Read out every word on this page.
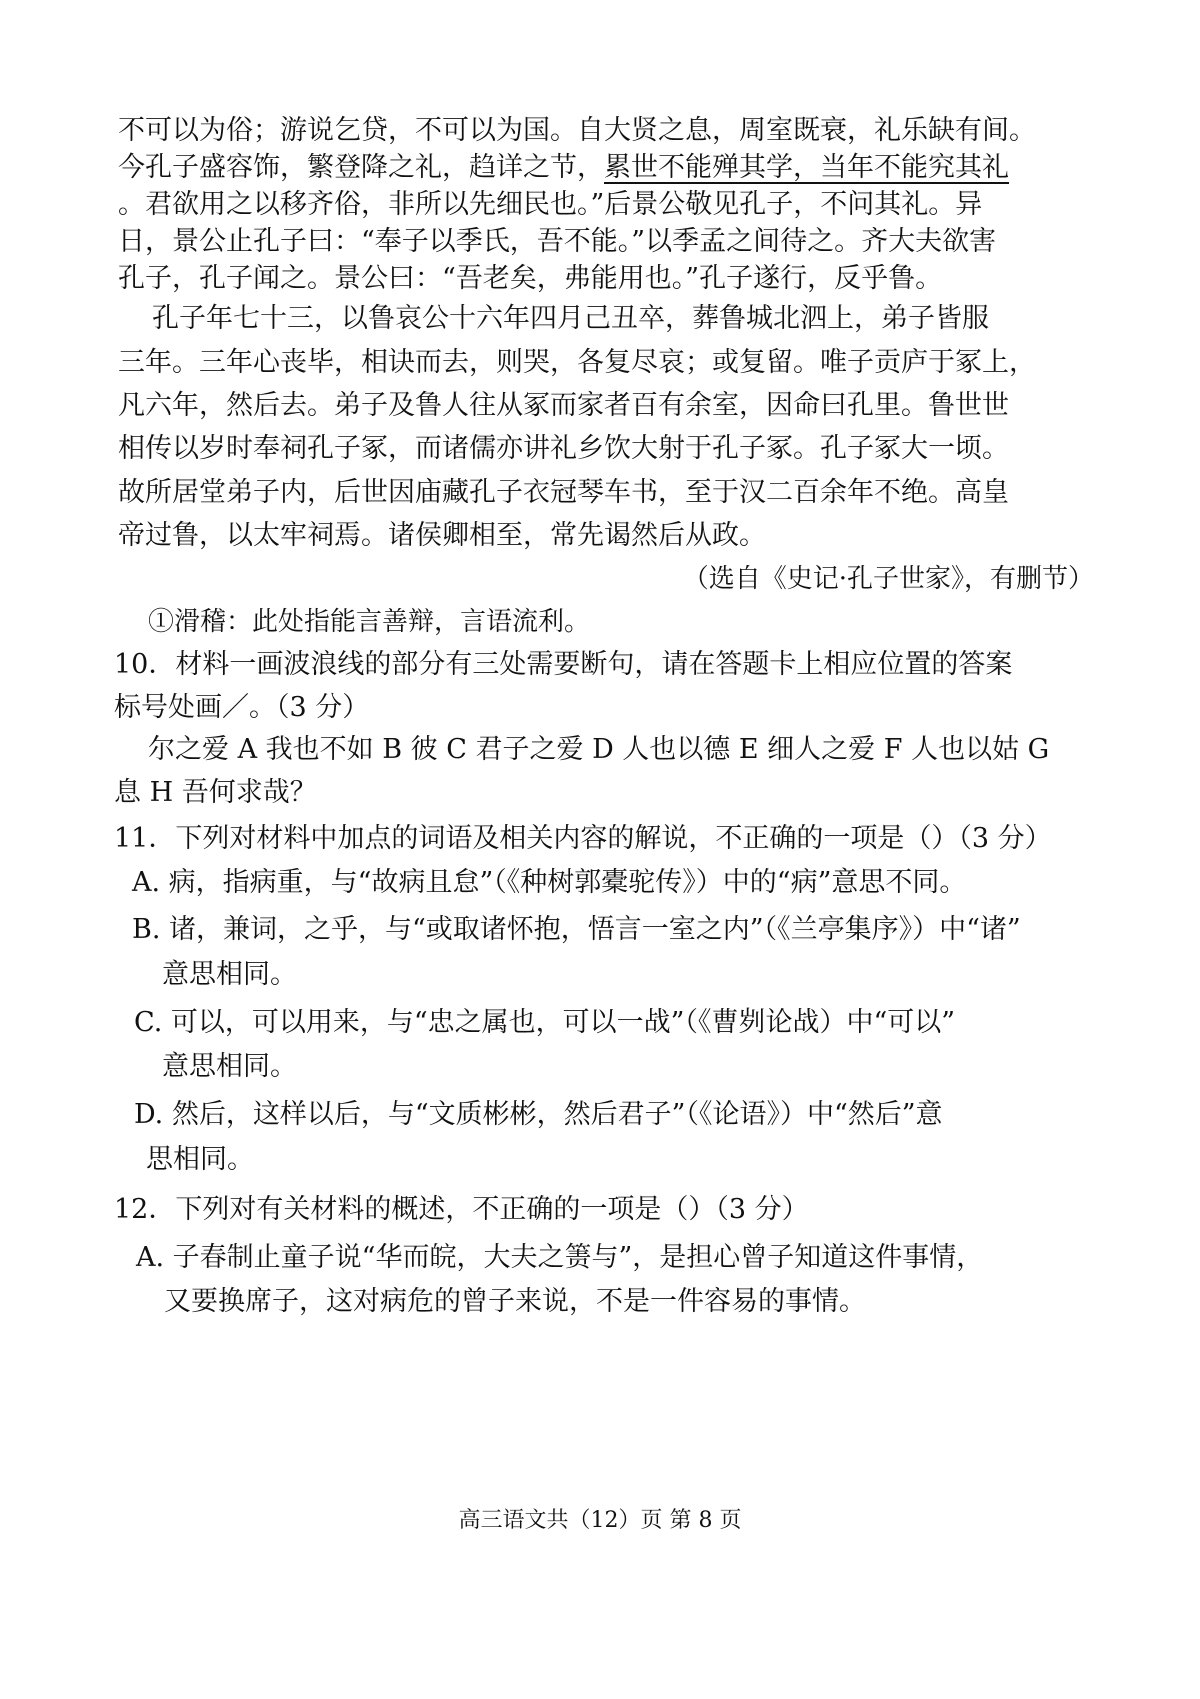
不可以为俗；游说乞贷，不可以为国。自大贤之息，周室既衰，礼乐缺有间。
今孔子盛容饰，繁登降之礼，趋详之节，累世不能殚其学，当年不能究其礼
。君欲用之以移齐俗，非所以先细民也。”后景公敬见孔子，不问其礼。异
日，景公止孔子曰：“奉子以季氏，吾不能。”以季孟之间待之。齐大夫欲害
孔子，孔子闻之。景公曰：“吾老矣，弗能用也。”孔子遂行，反乎鲁。
孔子年七十三，以鲁哀公十六年四月己丑卒，葬鲁城北泗上，弟子皆服
三年。三年心丧毕，相诀而去，则哭，各复尽哀；或复留。唯子贡庐于冢上，
凡六年，然后去。弟子及鲁人往从冢而家者百有余室，因命曰孔里。鲁世世
相传以岁时奉祠孔子冢，而诸儒亦讲礼乡饮大射于孔子冢。孔子冢大一顷。
故所居堂弟子内，后世因庙藏孔子衣冠琴车书，至于汉二百余年不绝。高皇
帝过鲁，以太牢祠焉。诸侯卿相至，常先谒然后从政。
（选自《史记·孔子世家》，有删节）
①滑稽：此处指能言善辩，言语流利。
10．材料一画波浪线的部分有三处需要断句，请在答题卡上相应位置的答案
标号处画／。（3 分）
尔之爱 A 我也不如 B 彼 C 君子之爱 D 人也以德 E 细人之爱 F 人也以姑 G
息 H 吾何求哉？
11．下列对材料中加点的词语及相关内容的解说，不正确的一项是（）（3 分）
A. 病，指病重，与“故病且怠”（《种树郭橐驼传》）中的“病”意思不同。
B. 诸，兼词，之乎，与“或取诸怀抱，悟言一室之内”（《兰亭集序》）中“诸”
意思相同。
C. 可以，可以用来，与“忠之属也，可以一战”（《曹刿论战）中“可以”
意思相同。
D. 然后，这样以后，与“文质彬彬，然后君子”（《论语》）中“然后”意
思相同。
12．下列对有关材料的概述，不正确的一项是（）（3 分）
A. 子春制止童子说“华而皖，大夫之箦与”，是担心曾子知道这件事情，
又要换席子，这对病危的曾子来说，不是一件容易的事情。
高三语文共（12）页 第 8 页
